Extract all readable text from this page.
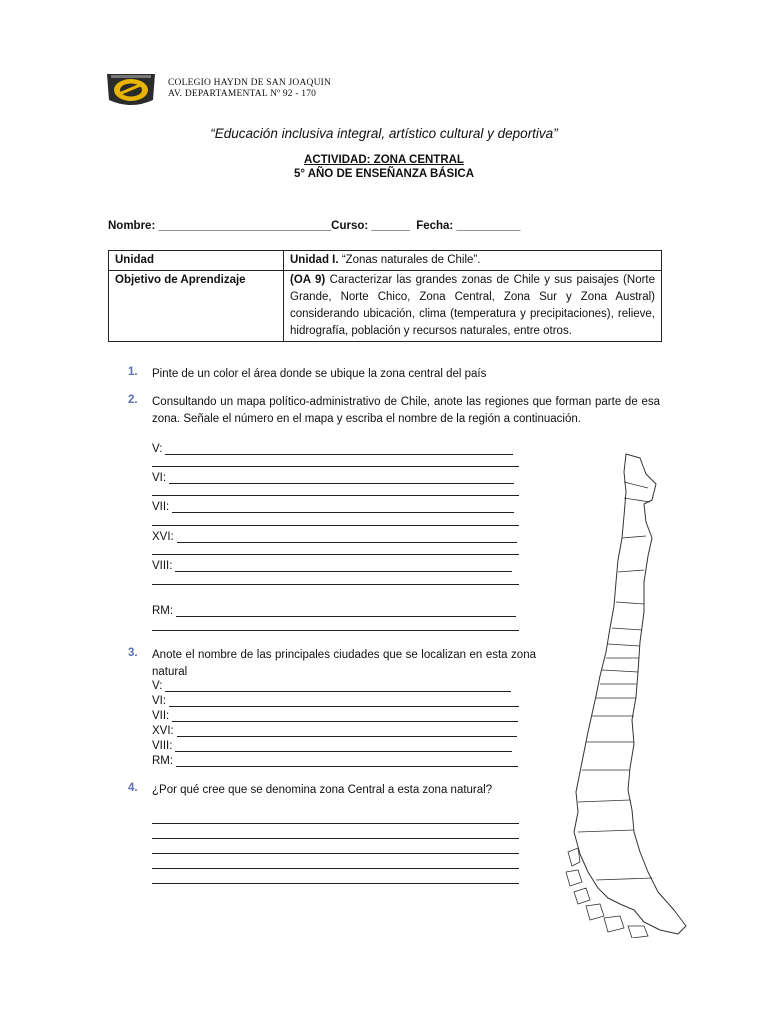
COLEGIO HAYDN DE SAN JOAQUIN
AV. DEPARTAMENTAL Nº 92 - 170
“Educación inclusiva integral, artístico cultural y deportiva”
ACTIVIDAD: ZONA CENTRAL
5° AÑO DE ENSEÑANZA BÁSICA
Nombre: ___________________________Curso: ______ Fecha: __________
Unidad	Unidad I. “Zonas naturales de Chile”.
Objetivo de Aprendizaje	(OA 9) Caracterizar las grandes zonas de Chile y sus paisajes (Norte Grande, Norte Chico, Zona Central, Zona Sur y Zona Austral) considerando ubicación, clima (temperatura y precipitaciones), relieve, hidrografía, población y recursos naturales, entre otros.
1. Pinte de un color el área donde se ubique la zona central del país
2. Consultando un mapa político-administrativo de Chile, anote las regiones que forman parte de esa zona. Señale el número en el mapa y escriba el nombre de la región a continuación.
V:
VI:
VII:
XVI:
VIII:
RM:
3. Anote el nombre de las principales ciudades que se localizan en esta zona natural
V:
VI:
VII:
XVI:
VIII:
RM:
4. ¿Por qué cree que se denomina zona Central a esta zona natural?
